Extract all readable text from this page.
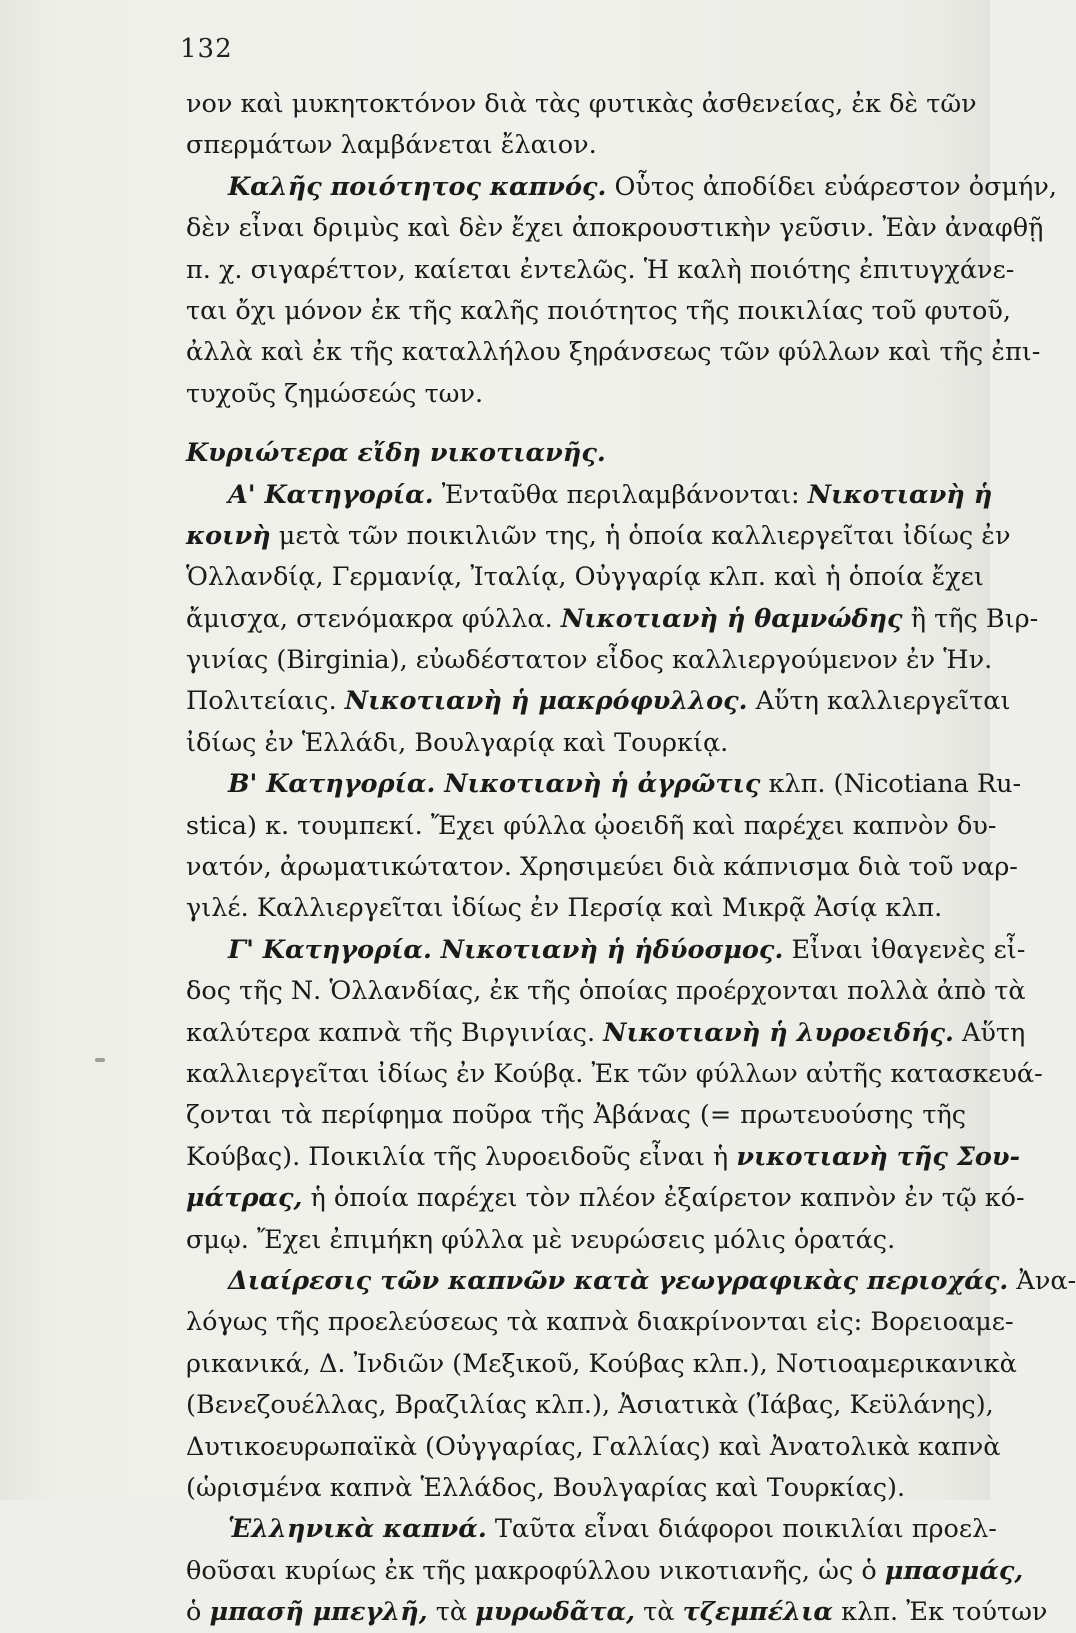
132
νον καὶ μυκητοκτόνον διὰ τὰς φυτικὰς ἀσθενείας, ἐκ δὲ τῶν
σπερμάτων λαμβάνεται ἔλαιον.
Καλῆς ποιότητος καπνός. Οὗτος ἀποδίδει εὐάρεστον ὀσμήν,
δὲν εἶναι δριμὺς καὶ δὲν ἔχει ἀποκρουστικὴν γεῦσιν. Ἐὰν ἀναφθῇ
π. χ. σιγαρέττον, καίεται ἐντελῶς. Ἡ καλὴ ποιότης ἐπιτυγχάνε-
ται ὄχι μόνον ἐκ τῆς καλῆς ποιότητος τῆς ποικιλίας τοῦ φυτοῦ,
ἀλλὰ καὶ ἐκ τῆς καταλλήλου ξηράνσεως τῶν φύλλων καὶ τῆς ἐπι-
τυχοῦς ζημώσεώς των.
Κυριώτερα εἴδη νικοτιανῆς.
Α' Κατηγορία. Ἐνταῦθα περιλαμβάνονται: Νικοτιανὴ ἡ
κοινὴ μετὰ τῶν ποικιλιῶν της, ἡ ὁποία καλλιεργεῖται ἰδίως ἐν
Ὁλλανδίᾳ, Γερμανίᾳ, Ἰταλίᾳ, Οὐγγαρίᾳ κλπ. καὶ ἡ ὁποία ἔχει
ἄμισχα, στενόμακρα φύλλα. Νικοτιανὴ ἡ θαμνώδης ἢ τῆς Βιρ-
γινίας (Birginia), εὐωδέστατον εἶδος καλλιεργούμενον ἐν Ἡν.
Πολιτείαις. Νικοτιανὴ ἡ μακρόφυλλος. Αὕτη καλλιεργεῖται
ἰδίως ἐν Ἑλλάδι, Βουλγαρίᾳ καὶ Τουρκίᾳ.
Β' Κατηγορία. Νικοτιανὴ ἡ ἀγρῶτις κλπ. (Nicotiana Ru-
stica) κ. τουμπεκί. Ἔχει φύλλα ᾠοειδῆ καὶ παρέχει καπνὸν δυ-
νατόν, ἀρωματικώτατον. Χρησιμεύει διὰ κάπνισμα διὰ τοῦ ναρ-
γιλέ. Καλλιεργεῖται ἰδίως ἐν Περσίᾳ καὶ Μικρᾷ Ἀσίᾳ κλπ.
Γ' Κατηγορία. Νικοτιανὴ ἡ ἡδύοσμος. Εἶναι ἰθαγενὲς εἶ-
δος τῆς Ν. Ὁλλανδίας, ἐκ τῆς ὁποίας προέρχονται πολλὰ ἀπὸ τὰ
καλύτερα καπνὰ τῆς Βιργινίας. Νικοτιανὴ ἡ λυροειδής. Αὕτη
καλλιεργεῖται ἰδίως ἐν Κούβᾳ. Ἐκ τῶν φύλλων αὐτῆς κατασκευά-
ζονται τὰ περίφημα ποῦρα τῆς Ἀβάνας (= πρωτευούσης τῆς
Κούβας). Ποικιλία τῆς λυροειδοῦς εἶναι ἡ νικοτιανὴ τῆς Σου-
μάτρας, ἡ ὁποία παρέχει τὸν πλέον ἐξαίρετον καπνὸν ἐν τῷ κό-
σμῳ. Ἔχει ἐπιμήκη φύλλα μὲ νευρώσεις μόλις ὁρατάς.
Διαίρεσις τῶν καπνῶν κατὰ γεωγραφικὰς περιοχάς. Ἀνα-
λόγως τῆς προελεύσεως τὰ καπνὰ διακρίνονται εἰς: Βορειοαμε-
ρικανικά, Δ. Ἰνδιῶν (Μεξικοῦ, Κούβας κλπ.), Νοτιοαμερικανικὰ
(Βενεζουέλλας, Βραζιλίας κλπ.), Ἀσιατικὰ (Ἰάβας, Κεϋλάνης),
Δυτικοευρωπαϊκὰ (Οὐγγαρίας, Γαλλίας) καὶ Ἀνατολικὰ καπνὰ
(ὡρισμένα καπνὰ Ἑλλάδος, Βουλγαρίας καὶ Τουρκίας).
Ἑλληνικὰ καπνά. Ταῦτα εἶναι διάφοροι ποικιλίαι προελ-
θοῦσαι κυρίως ἐκ τῆς μακροφύλλου νικοτιανῆς, ὡς ὁ μπασμάς,
ὁ μπασῆ μπεγλῆ, τὰ μυρωδᾶτα, τὰ τζεμπέλια κλπ. Ἐκ τούτων
